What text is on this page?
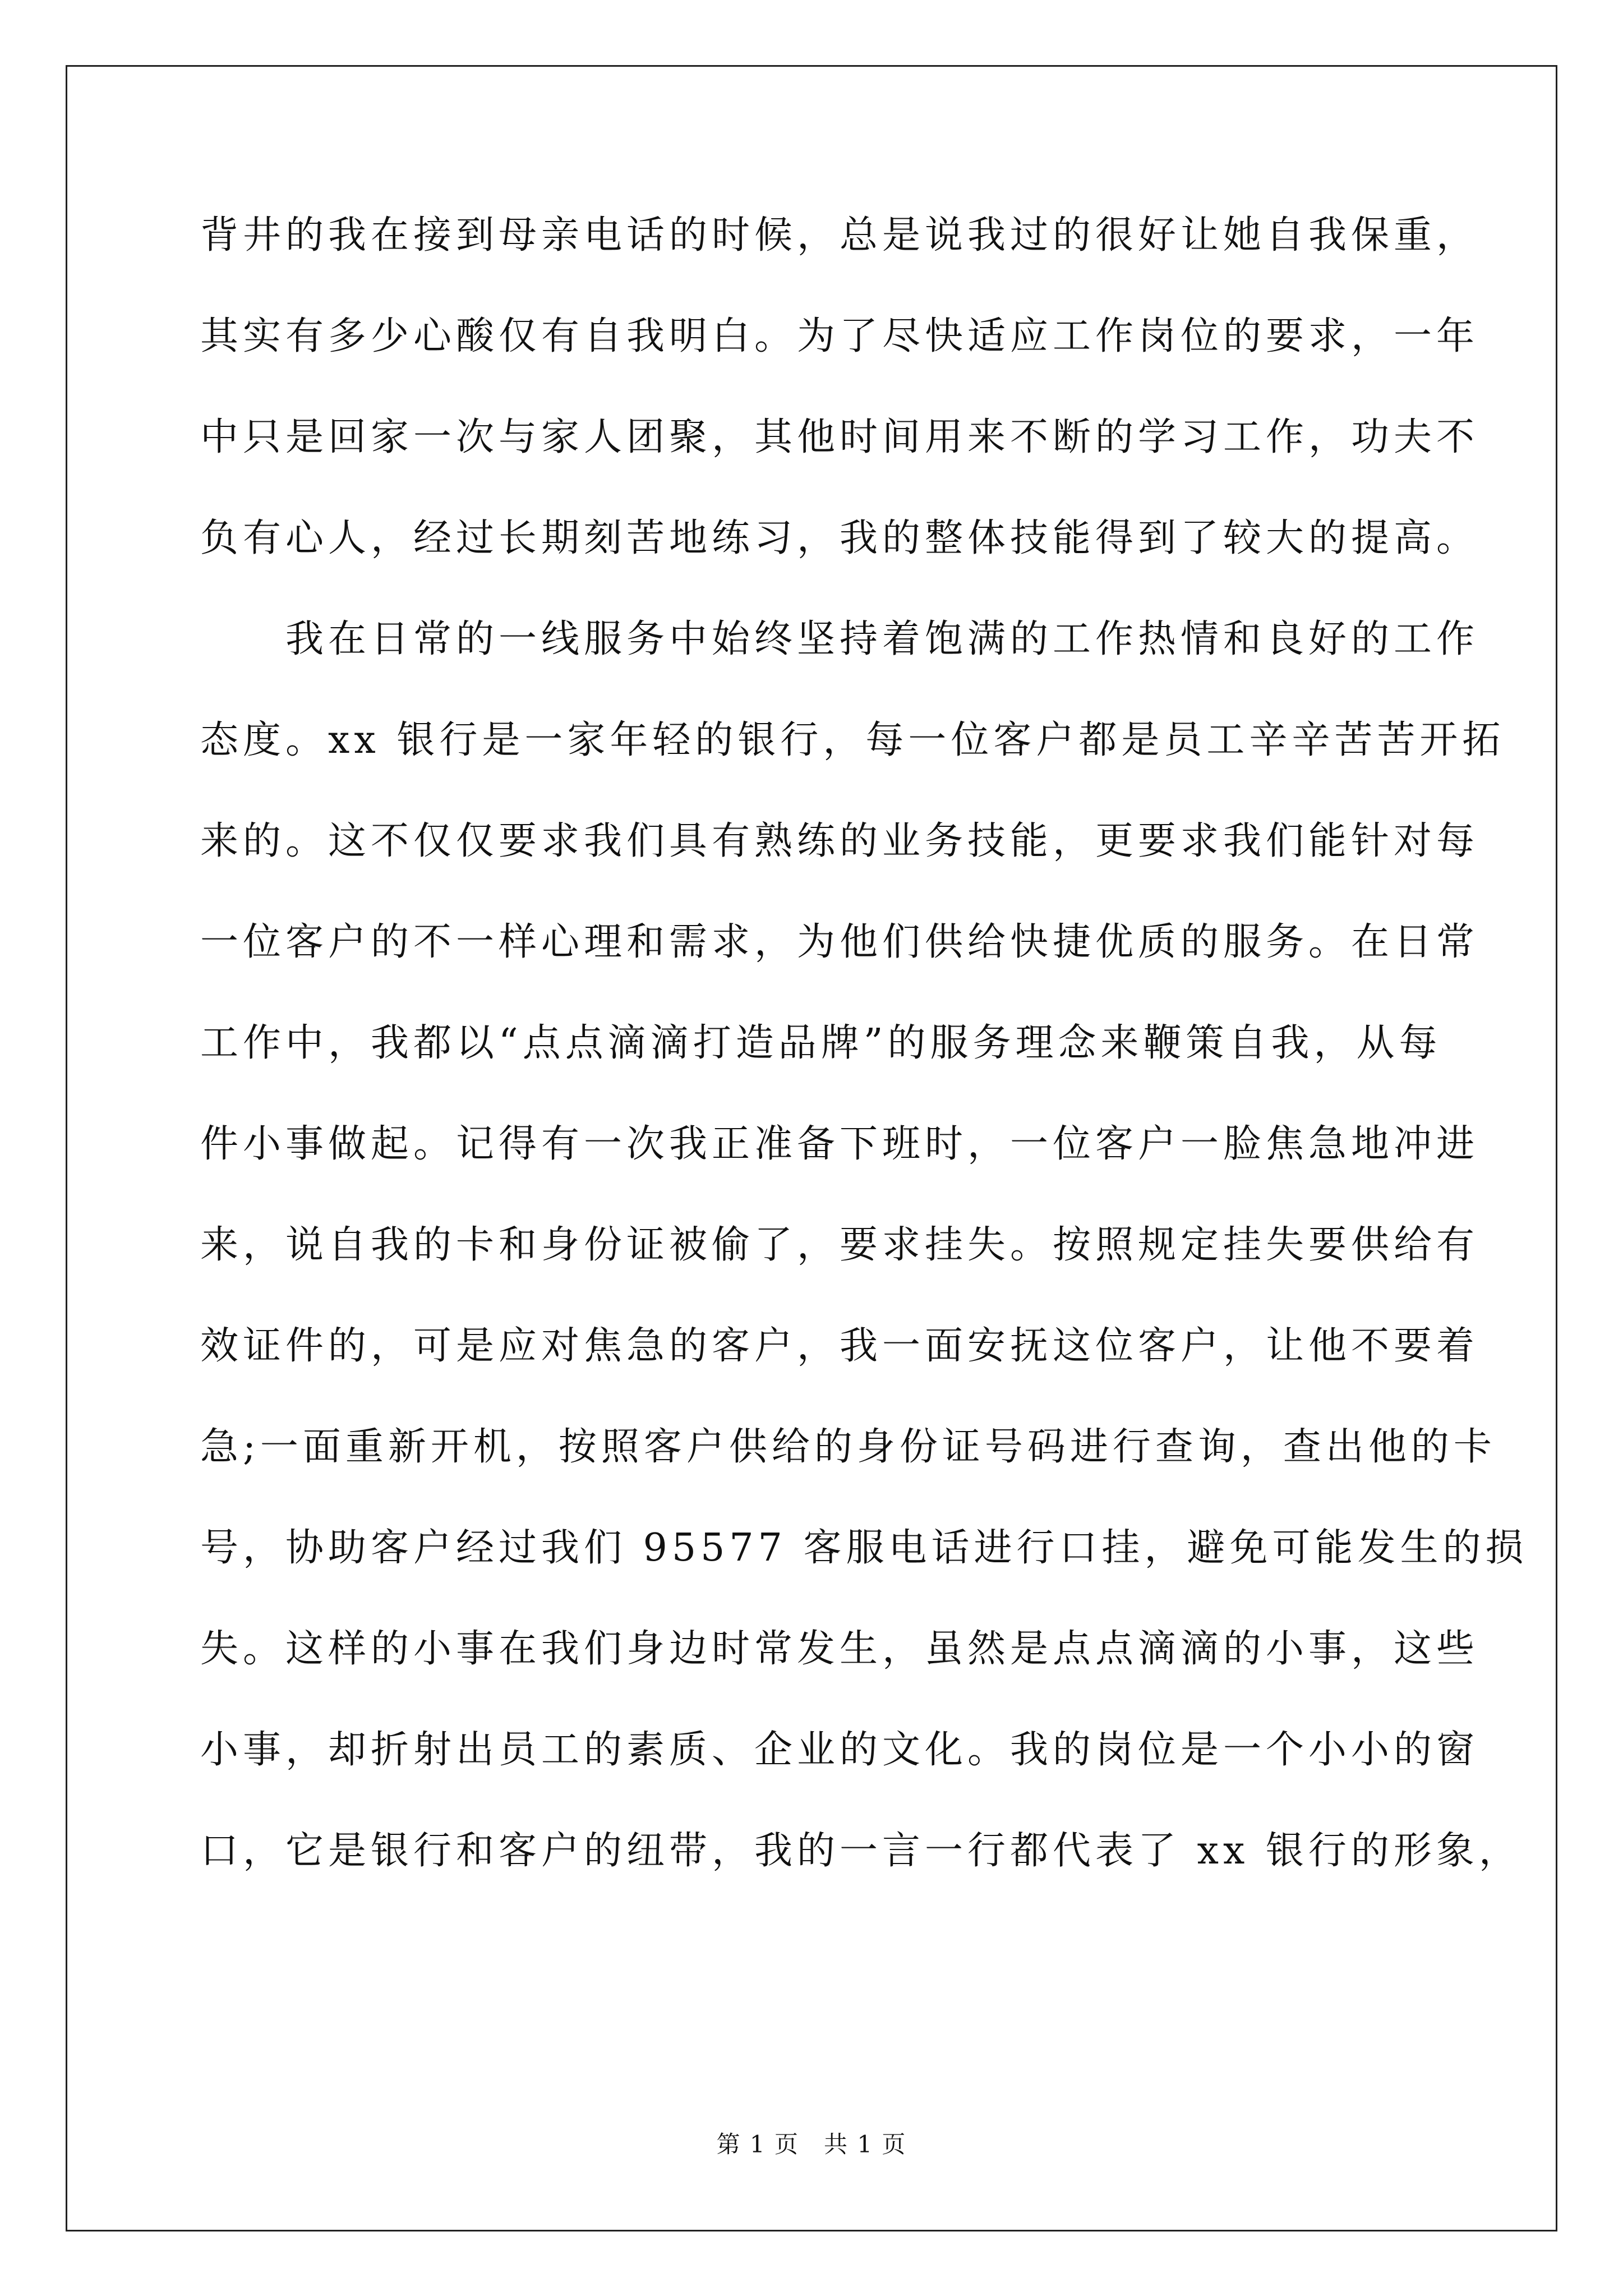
背井的我在接到母亲电话的时候，总是说我过的很好让她自我保重，
其实有多少心酸仅有自我明白。为了尽快适应工作岗位的要求，一年
中只是回家一次与家人团聚，其他时间用来不断的学习工作，功夫不
负有心人，经过长期刻苦地练习，我的整体技能得到了较大的提高。
　　我在日常的一线服务中始终坚持着饱满的工作热情和良好的工作
态度。xx 银行是一家年轻的银行，每一位客户都是员工辛辛苦苦开拓
来的。这不仅仅要求我们具有熟练的业务技能，更要求我们能针对每
一位客户的不一样心理和需求，为他们供给快捷优质的服务。在日常
工作中，我都以“点点滴滴打造品牌”的服务理念来鞭策自我，从每
件小事做起。记得有一次我正准备下班时，一位客户一脸焦急地冲进
来，说自我的卡和身份证被偷了，要求挂失。按照规定挂失要供给有
效证件的，可是应对焦急的客户，我一面安抚这位客户，让他不要着
急;一面重新开机，按照客户供给的身份证号码进行查询，查出他的卡
号，协助客户经过我们 95577 客服电话进行口挂，避免可能发生的损
失。这样的小事在我们身边时常发生，虽然是点点滴滴的小事，这些
小事，却折射出员工的素质、企业的文化。我的岗位是一个小小的窗
口，它是银行和客户的纽带，我的一言一行都代表了 xx 银行的形象，
第 1 页　共 1 页
